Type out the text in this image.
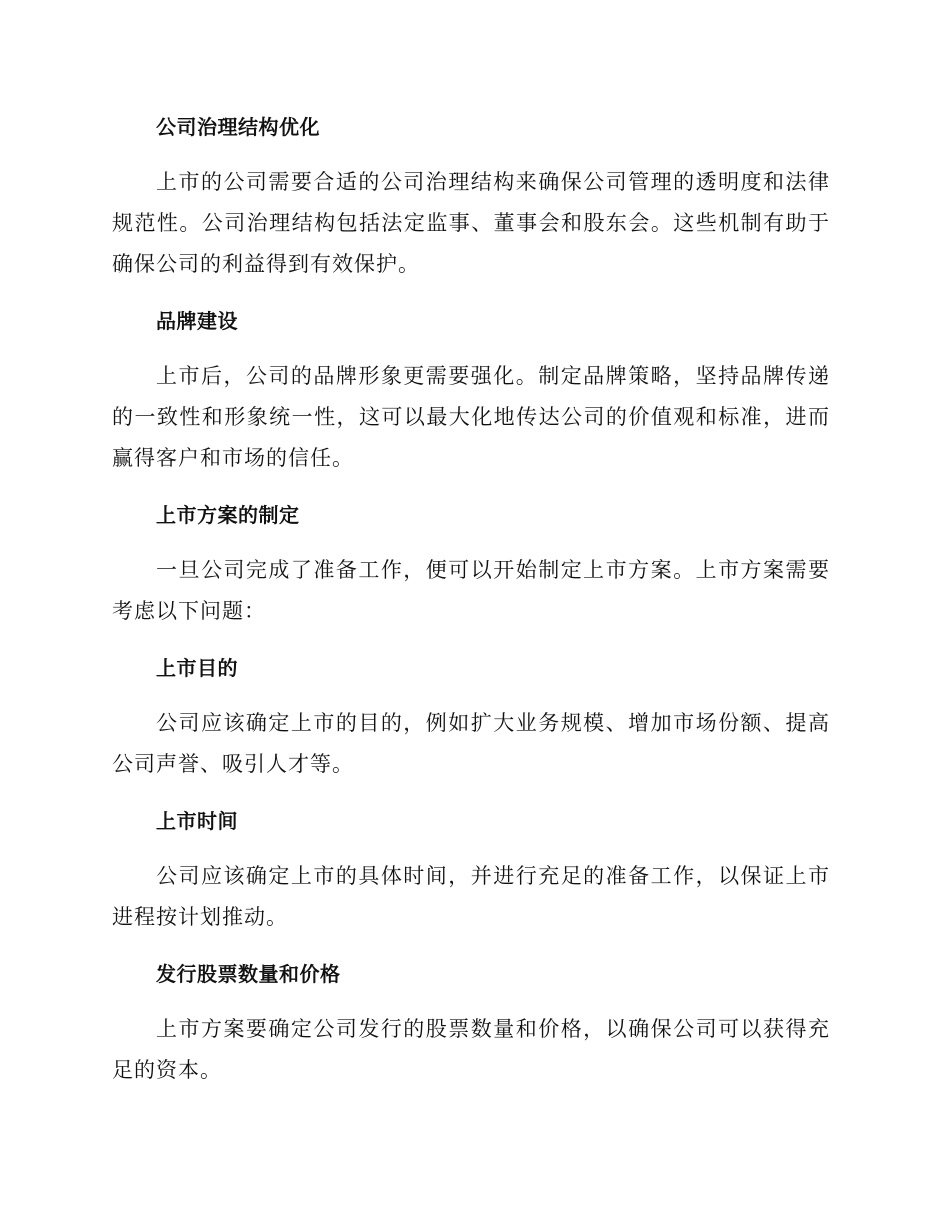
公司治理结构优化

上市的公司需要合适的公司治理结构来确保公司管理的透明度和法律规范性。公司治理结构包括法定监事、董事会和股东会。这些机制有助于确保公司的利益得到有效保护。

品牌建设

上市后，公司的品牌形象更需要强化。制定品牌策略，坚持品牌传递的一致性和形象统一性，这可以最大化地传达公司的价值观和标准，进而赢得客户和市场的信任。

上市方案的制定

一旦公司完成了准备工作，便可以开始制定上市方案。上市方案需要考虑以下问题：

上市目的

公司应该确定上市的目的，例如扩大业务规模、增加市场份额、提高公司声誉、吸引人才等。

上市时间

公司应该确定上市的具体时间，并进行充足的准备工作，以保证上市进程按计划推动。

发行股票数量和价格

上市方案要确定公司发行的股票数量和价格，以确保公司可以获得充足的资本。
